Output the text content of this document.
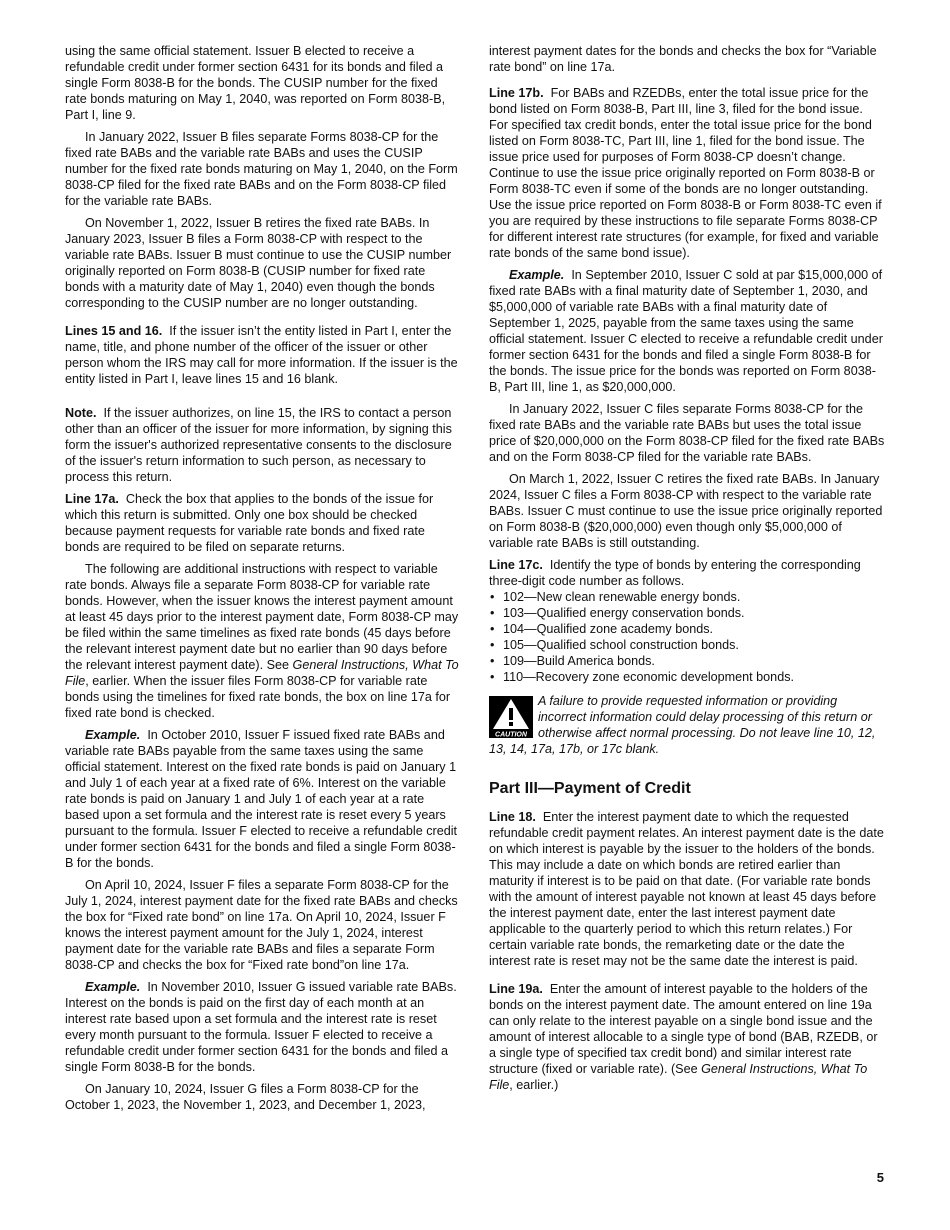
using the same official statement. Issuer B elected to receive a refundable credit under former section 6431 for its bonds and filed a single Form 8038-B for the bonds. The CUSIP number for the fixed rate bonds maturing on May 1, 2040, was reported on Form 8038-B, Part I, line 9.

In January 2022, Issuer B files separate Forms 8038-CP for the fixed rate BABs and the variable rate BABs and uses the CUSIP number for the fixed rate bonds maturing on May 1, 2040, on the Form 8038-CP filed for the fixed rate BABs and on the Form 8038-CP filed for the variable rate BABs.

On November 1, 2022, Issuer B retires the fixed rate BABs. In January 2023, Issuer B files a Form 8038-CP with respect to the variable rate BABs. Issuer B must continue to use the CUSIP number originally reported on Form 8038-B (CUSIP number for fixed rate bonds with a maturity date of May 1, 2040) even though the bonds corresponding to the CUSIP number are no longer outstanding.

Lines 15 and 16. If the issuer isn’t the entity listed in Part I, enter the name, title, and phone number of the officer of the issuer or other person whom the IRS may call for more information. If the issuer is the entity listed in Part I, leave lines 15 and 16 blank.

Note. If the issuer authorizes, on line 15, the IRS to contact a person other than an officer of the issuer for more information, by signing this form the issuer's authorized representative consents to the disclosure of the issuer's return information to such person, as necessary to process this return.

Line 17a. Check the box that applies to the bonds of the issue for which this return is submitted. Only one box should be checked because payment requests for variable rate bonds and fixed rate bonds are required to be filed on separate returns.

The following are additional instructions with respect to variable rate bonds. Always file a separate Form 8038-CP for variable rate bonds. However, when the issuer knows the interest payment amount at least 45 days prior to the interest payment date, Form 8038-CP may be filed within the same timelines as fixed rate bonds (45 days before the relevant interest payment date but no earlier than 90 days before the relevant interest payment date). See General Instructions, What To File, earlier. When the issuer files Form 8038-CP for variable rate bonds using the timelines for fixed rate bonds, the box on line 17a for fixed rate bond is checked.

Example. In October 2010, Issuer F issued fixed rate BABs and variable rate BABs payable from the same taxes using the same official statement. Interest on the fixed rate bonds is paid on January 1 and July 1 of each year at a fixed rate of 6%. Interest on the variable rate bonds is paid on January 1 and July 1 of each year at a rate based upon a set formula and the interest rate is reset every 5 years pursuant to the formula. Issuer F elected to receive a refundable credit under former section 6431 for the bonds and filed a single Form 8038-B for the bonds.

On April 10, 2024, Issuer F files a separate Form 8038-CP for the July 1, 2024, interest payment date for the fixed rate BABs and checks the box for “Fixed rate bond” on line 17a. On April 10, 2024, Issuer F knows the interest payment amount for the July 1, 2024, interest payment date for the variable rate BABs and files a separate Form 8038-CP and checks the box for “Fixed rate bond”on line 17a.

Example. In November 2010, Issuer G issued variable rate BABs. Interest on the bonds is paid on the first day of each month at an interest rate based upon a set formula and the interest rate is reset every month pursuant to the formula. Issuer F elected to receive a refundable credit under former section 6431 for the bonds and filed a single Form 8038-B for the bonds.

On January 10, 2024, Issuer G files a Form 8038-CP for the October 1, 2023, the November 1, 2023, and December 1, 2023,

interest payment dates for the bonds and checks the box for “Variable rate bond” on line 17a.

Line 17b. For BABs and RZEDBs, enter the total issue price for the bond listed on Form 8038-B, Part III, line 3, filed for the bond issue. For specified tax credit bonds, enter the total issue price for the bond listed on Form 8038-TC, Part III, line 1, filed for the bond issue. The issue price used for purposes of Form 8038-CP doesn’t change. Continue to use the issue price originally reported on Form 8038-B or Form 8038-TC even if some of the bonds are no longer outstanding. Use the issue price reported on Form 8038-B or Form 8038-TC even if you are required by these instructions to file separate Forms 8038-CP for different interest rate structures (for example, for fixed and variable rate bonds of the same bond issue).

Example. In September 2010, Issuer C sold at par $15,000,000 of fixed rate BABs with a final maturity date of September 1, 2030, and $5,000,000 of variable rate BABs with a final maturity date of September 1, 2025, payable from the same taxes using the same official statement. Issuer C elected to receive a refundable credit under former section 6431 for the bonds and filed a single Form 8038-B for the bonds. The issue price for the bonds was reported on Form 8038-B, Part III, line 1, as $20,000,000.

In January 2022, Issuer C files separate Forms 8038-CP for the fixed rate BABs and the variable rate BABs but uses the total issue price of $20,000,000 on the Form 8038-CP filed for the fixed rate BABs and on the Form 8038-CP filed for the variable rate BABs.

On March 1, 2022, Issuer C retires the fixed rate BABs. In January 2024, Issuer C files a Form 8038-CP with respect to the variable rate BABs. Issuer C must continue to use the issue price originally reported on Form 8038-B ($20,000,000) even though only $5,000,000 of variable rate BABs is still outstanding.

Line 17c. Identify the type of bonds by entering the corresponding three-digit code number as follows.

• 102—New clean renewable energy bonds.
• 103—Qualified energy conservation bonds.
• 104—Qualified zone academy bonds.
• 105—Qualified school construction bonds.
• 109—Build America bonds.
• 110—Recovery zone economic development bonds.
CAUTION
A failure to provide requested information or providing incorrect information could delay processing of this return or otherwise affect normal processing. Do not leave line 10, 12, 13, 14, 17a, 17b, or 17c blank.
Part III—Payment of Credit

Line 18. Enter the interest payment date to which the requested refundable credit payment relates. An interest payment date is the date on which interest is payable by the issuer to the holders of the bonds. This may include a date on which bonds are retired earlier than maturity if interest is to be paid on that date. (For variable rate bonds with the amount of interest payable not known at least 45 days before the interest payment date, enter the last interest payment date applicable to the quarterly period to which this return relates.) For certain variable rate bonds, the remarketing date or the date the interest rate is reset may not be the same date the interest is paid.

Line 19a. Enter the amount of interest payable to the holders of the bonds on the interest payment date. The amount entered on line 19a can only relate to the interest payable on a single bond issue and the amount of interest allocable to a single type of bond (BAB, RZEDB, or a single type of specified tax credit bond) and similar interest rate structure (fixed or variable rate). (See General Instructions, What To File, earlier.)

5
